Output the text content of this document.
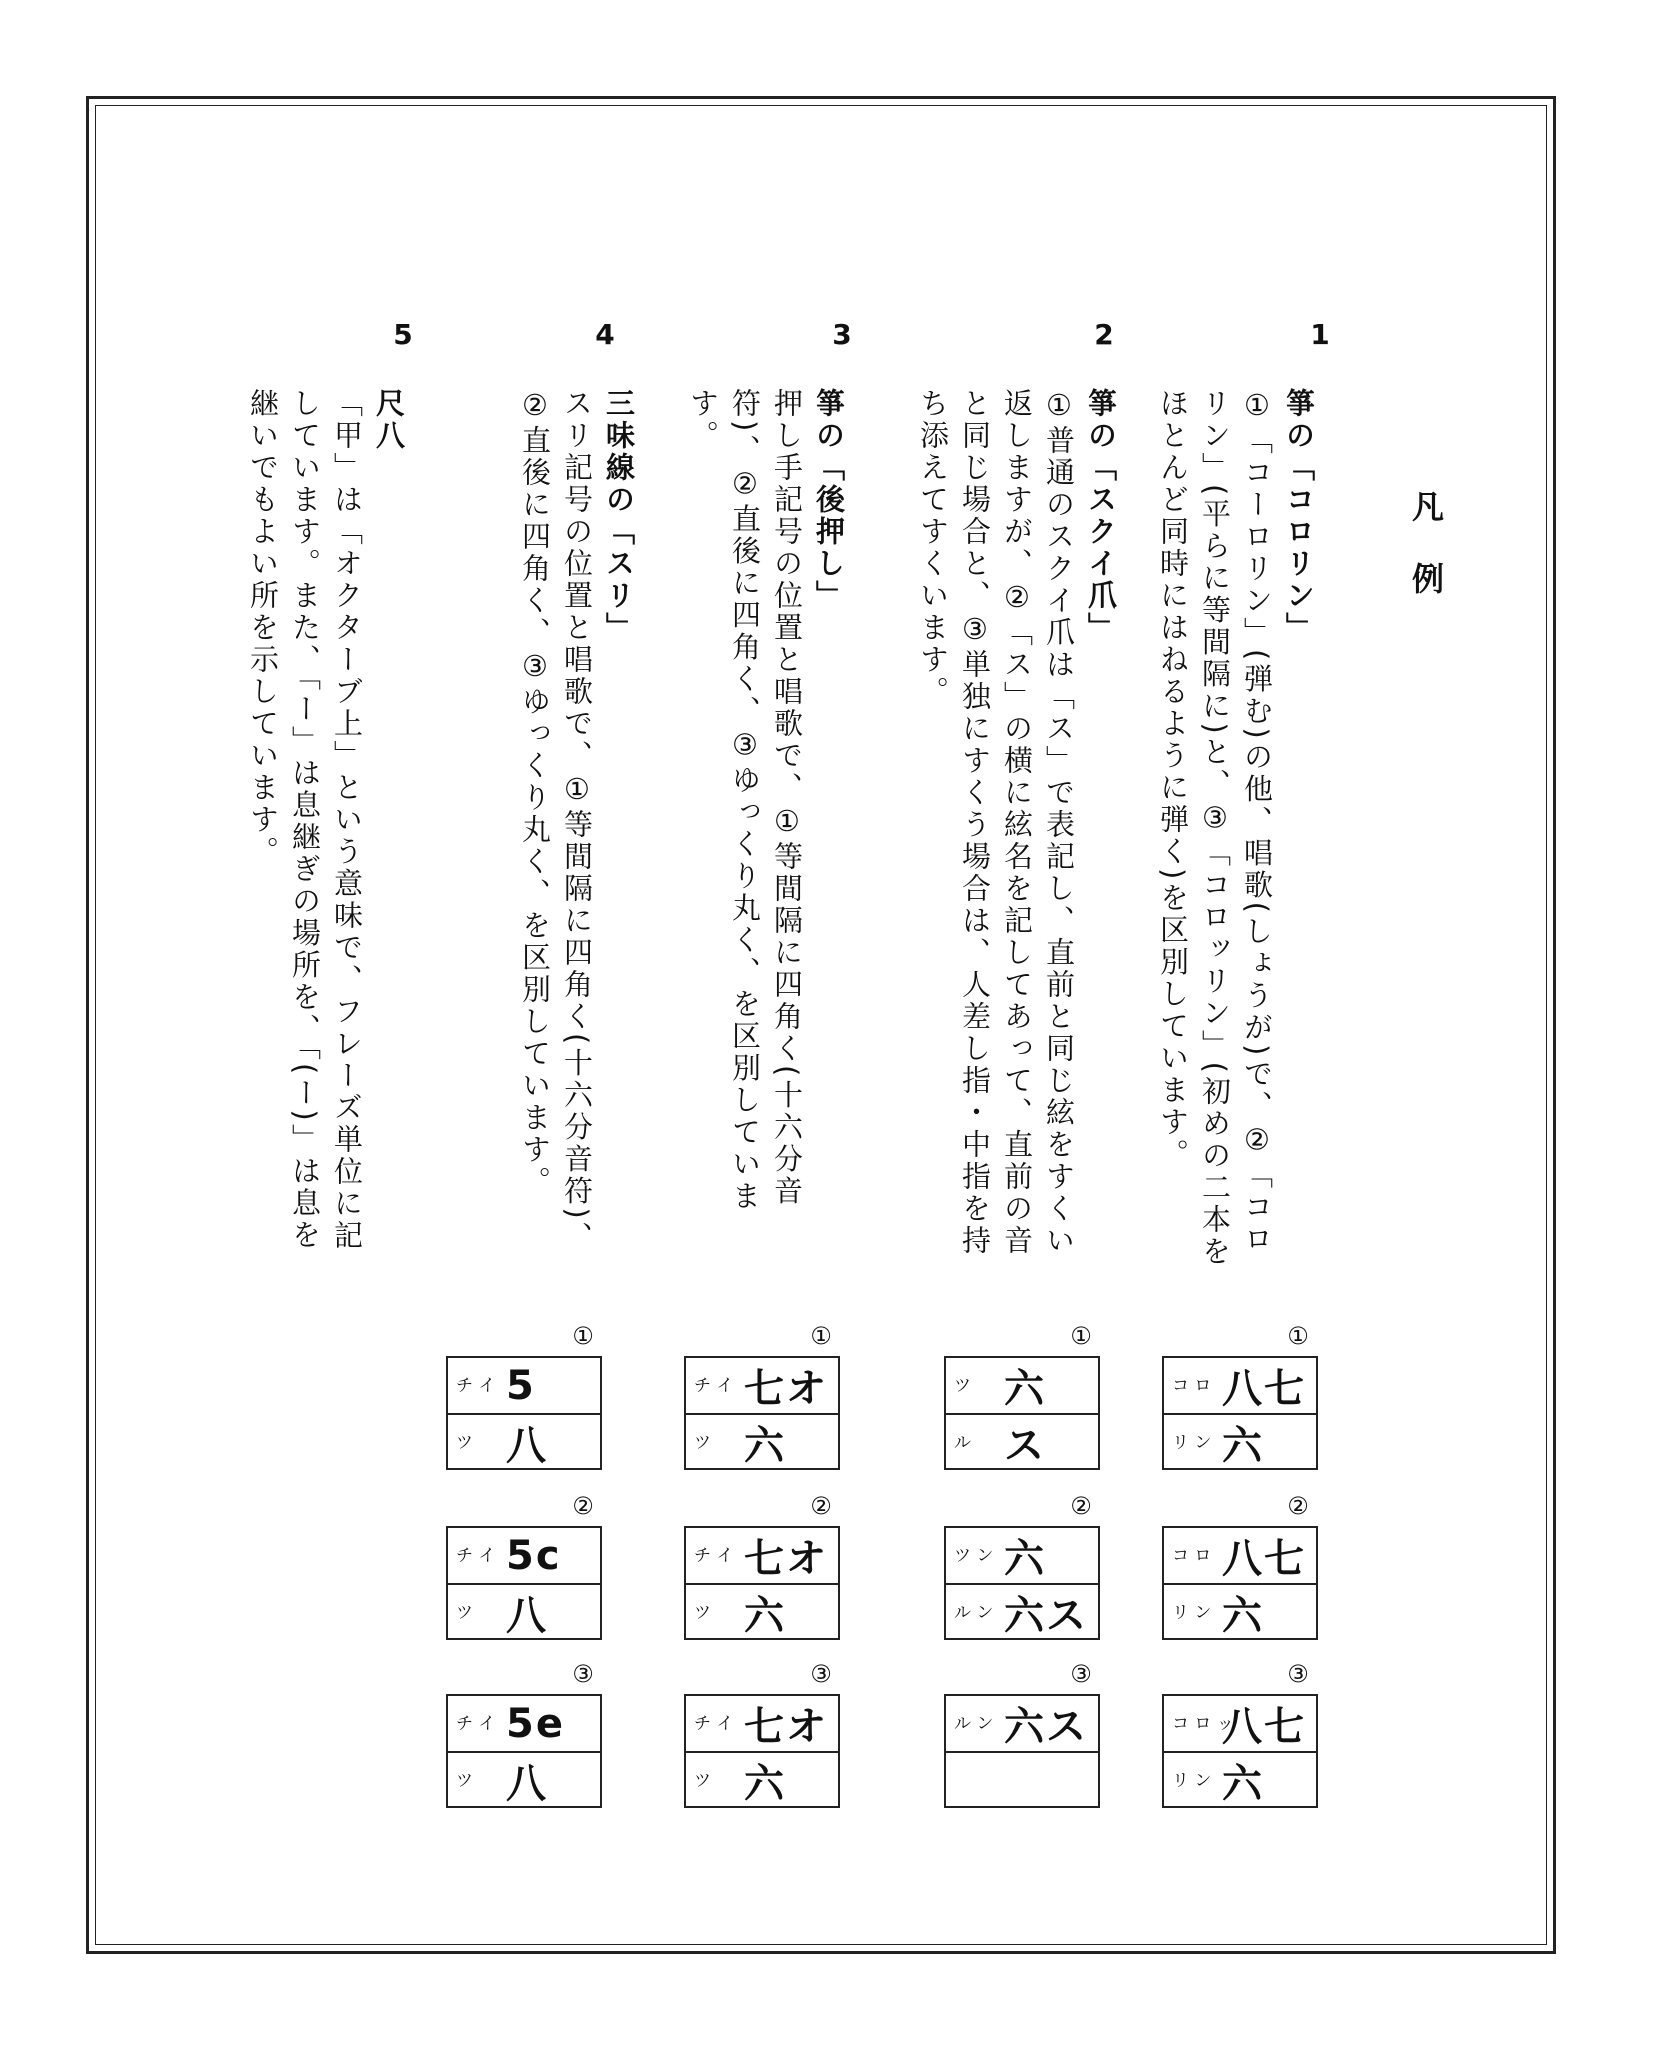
凡例
1
2
3
4
5
箏の「コロリン」

①「コーロリン」(弾む)の他、唱歌(しょうが)で、②「コロリン」(平らに等間隔に)と、③「コロッリン」(初めの二本をほとんど同時にはねるように弾く)を区別しています。

箏の「スクイ爪」

①普通のスクイ爪は「ス」で表記し、直前と同じ絃をすくい返しますが、②「ス」の横に絃名を記してあって、直前の音と同じ場合と、③単独にすくう場合は、人差し指・中指を持ち添えてすくいます。

箏の「後押し」

押し手記号の位置と唱歌で、①等間隔に四角く(十六分音符)、②直後に四角く、③ゆっくり丸く、を区別しています。

三味線の「スリ」

スリ記号の位置と唱歌で、①等間隔に四角く(十六分音符)、②直後に四角く、③ゆっくり丸く、を区別しています。

尺八

「甲」は「オクターブ上」という意味で、フレーズ単位に記しています。また、「ー」は息継ぎの場所を、「(ー)」は息を継いでもよい所を示しています。

①
コ ロ 八七
リ ン 六
②
コ ロ 八七
リ ン 六
③
コ ロ ッ
八七
リ ン 六
①
ツ 六
ル ス
②
ツ ン 六
ル ン 六ス
③
ル ン 六ス
①
チ イ 七オ
ツ 六
②
チ イ 七オ
ツ 六
③
チ イ 七オ
ツ 六
①
チ イ 5
ツ 八
②
チ イ 5c
ツ 八
③
チ イ 5e
ツ 八
